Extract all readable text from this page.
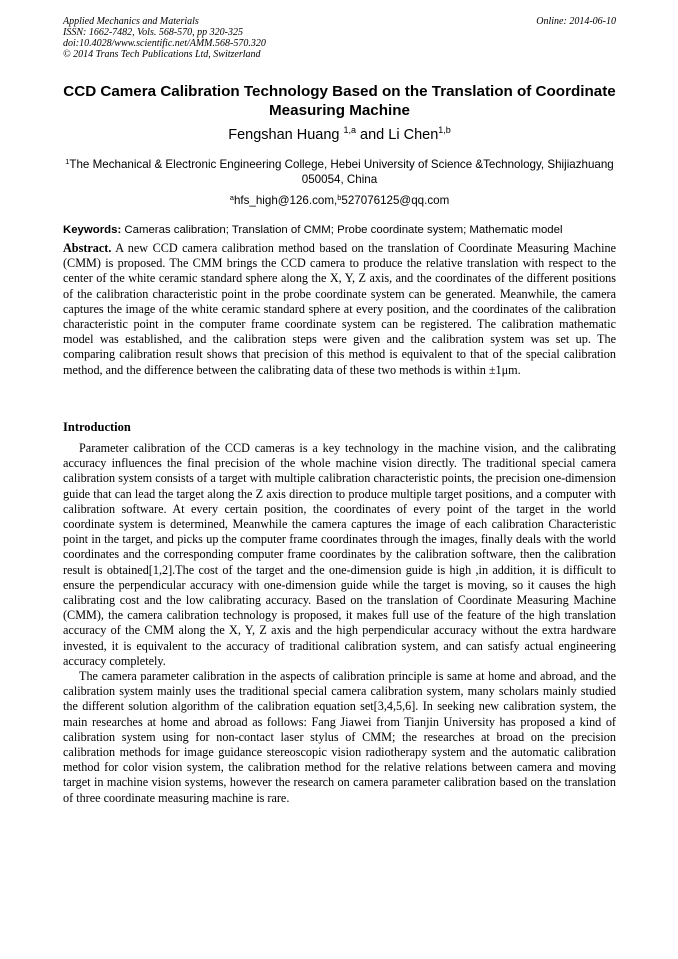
Applied Mechanics and Materials
ISSN: 1662-7482, Vols. 568-570, pp 320-325
doi:10.4028/www.scientific.net/AMM.568-570.320
© 2014 Trans Tech Publications Ltd, Switzerland
Online: 2014-06-10
CCD Camera Calibration Technology Based on the Translation of Coordinate Measuring Machine
Fengshan Huang $^{1,a}$ and Li Chen$^{1,b}$
$^1$The Mechanical & Electronic Engineering College, Hebei University of Science &Technology, Shijiazhuang 050054, China
$^a$hfs_high@126.com,$^b$527076125@qq.com
Keywords: Cameras calibration; Translation of CMM; Probe coordinate system; Mathematic model
Abstract. A new CCD camera calibration method based on the translation of Coordinate Measuring Machine (CMM) is proposed. The CMM brings the CCD camera to produce the relative translation with respect to the center of the white ceramic standard sphere along the X, Y, Z axis, and the coordinates of the different positions of the calibration characteristic point in the probe coordinate system can be generated. Meanwhile, the camera captures the image of the white ceramic standard sphere at every position, and the coordinates of the calibration characteristic point in the computer frame coordinate system can be registered. The calibration mathematic model was established, and the calibration steps were given and the calibration system was set up. The comparing calibration result shows that precision of this method is equivalent to that of the special calibration method, and the difference between the calibrating data of these two methods is within ±1μm.
Introduction

Parameter calibration of the CCD cameras is a key technology in the machine vision, and the calibrating accuracy influences the final precision of the whole machine vision directly. The traditional special camera calibration system consists of a target with multiple calibration characteristic points, the precision one-dimension guide that can lead the target along the Z axis direction to produce multiple target positions, and a computer with calibration software. At every certain position, the coordinates of every point of the target in the world coordinate system is determined, Meanwhile the camera captures the image of each calibration Characteristic point in the target, and picks up the computer frame coordinates through the images, finally deals with the world coordinates and the corresponding computer frame coordinates by the calibration software, then the calibration result is obtained[1,2].The cost of the target and the one-dimension guide is high ,in addition, it is difficult to ensure the perpendicular accuracy with one-dimension guide while the target is moving, so it causes the high calibrating cost and the low calibrating accuracy. Based on the translation of Coordinate Measuring Machine (CMM), the camera calibration technology is proposed, it makes full use of the feature of the high translation accuracy of the CMM along the X, Y, Z axis and the high perpendicular accuracy without the extra hardware invested, it is equivalent to the accuracy of traditional calibration system, and can satisfy actual engineering accuracy completely.

The camera parameter calibration in the aspects of calibration principle is same at home and abroad, and the calibration system mainly uses the traditional special camera calibration system, many scholars mainly studied the different solution algorithm of the calibration equation set[3,4,5,6]. In seeking new calibration system, the main researches at home and abroad as follows: Fang Jiawei from Tianjin University has proposed a kind of calibration system using for non-contact laser stylus of CMM; the researches at broad on the precision calibration methods for image guidance stereoscopic vision radiotherapy system and the automatic calibration method for color vision system, the calibration method for the relative relations between camera and moving target in machine vision systems, however the research on camera parameter calibration based on the translation of three coordinate measuring machine is rare.
